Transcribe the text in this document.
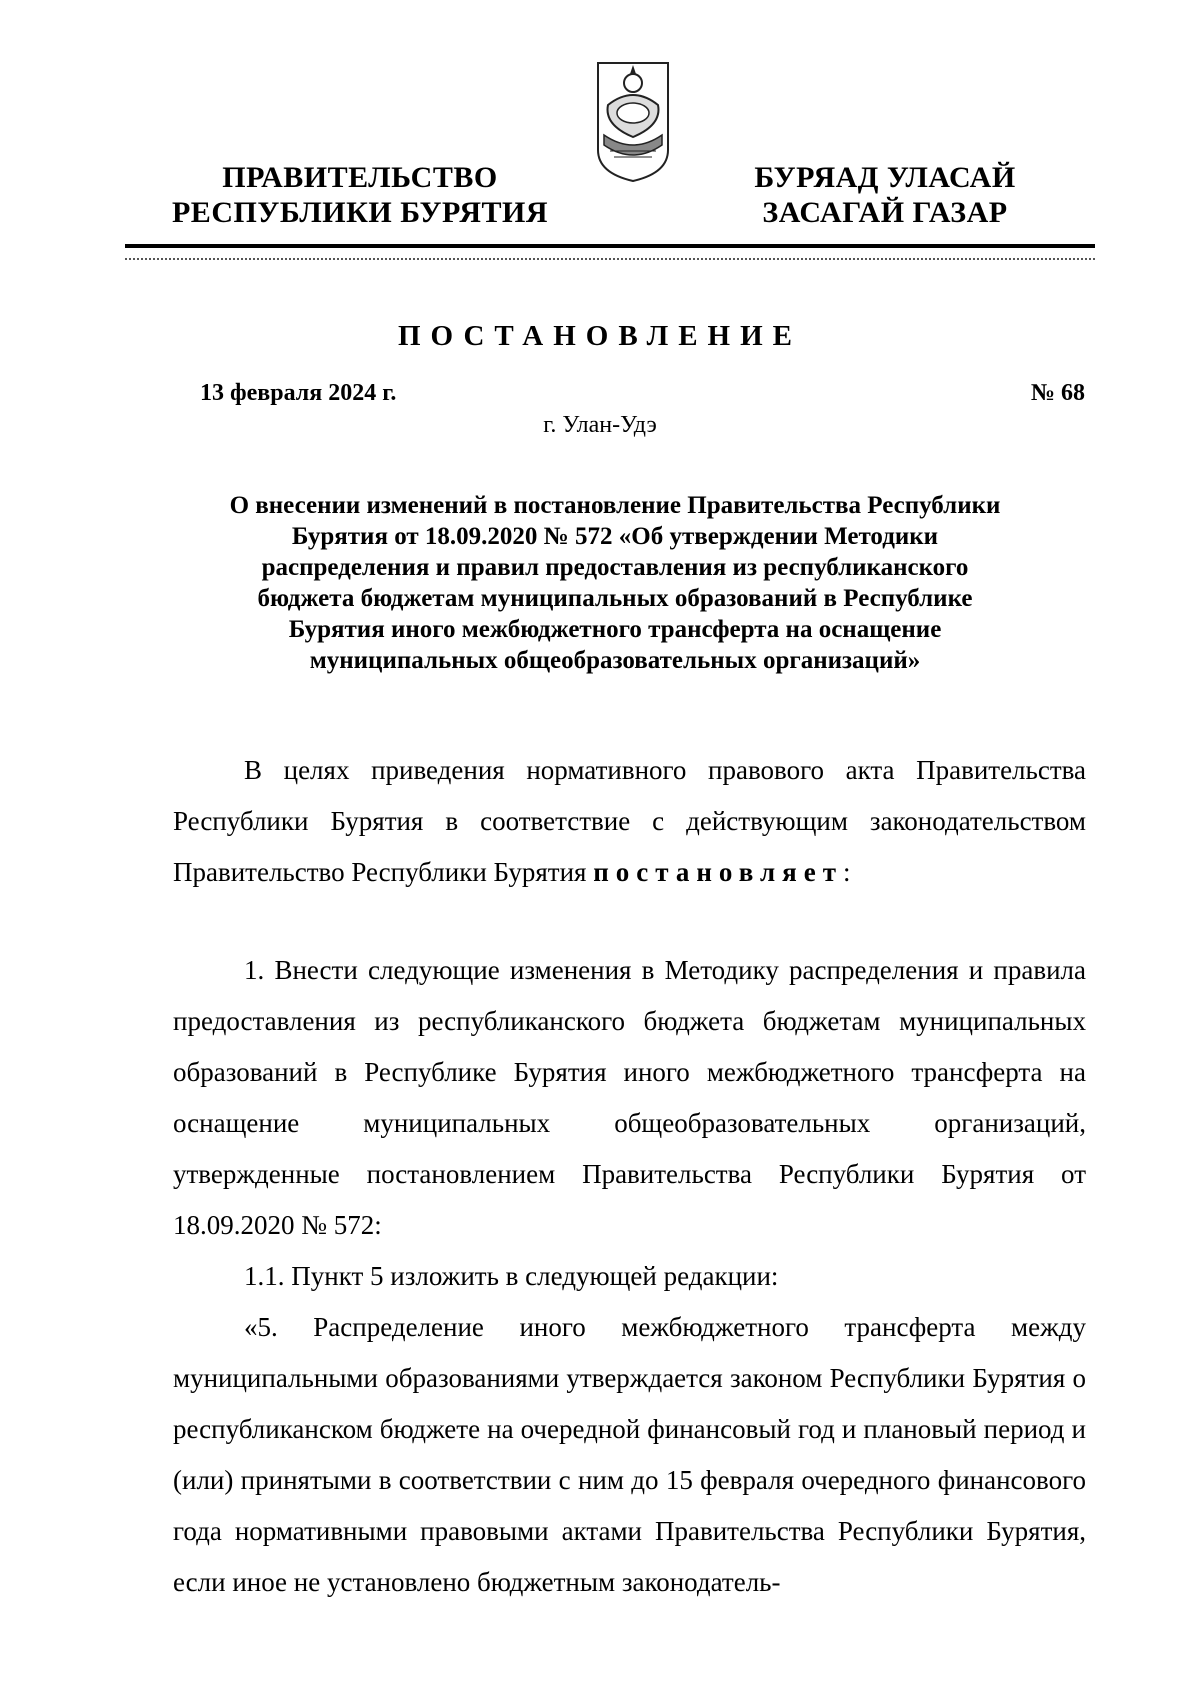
ПРАВИТЕЛЬСТВО
РЕСПУБЛИКИ БУРЯТИЯ
БУРЯАД УЛАСАЙ
ЗАСАГАЙ ГАЗАР
ПОСТАНОВЛЕНИЕ
13 февраля 2024 г.	№ 68
г. Улан-Удэ
О внесении изменений в постановление Правительства Республики
Бурятия от 18.09.2020 № 572 «Об утверждении Методики
распределения и правил предоставления из республиканского
бюджета бюджетам муниципальных образований в Республике
Бурятия иного межбюджетного трансферта на оснащение
муниципальных общеобразовательных организаций»

В целях приведения нормативного правового акта Правительства Республики Бурятия в соответствие с действующим законодательством Правительство Республики Бурятия постановляет:

1. Внести следующие изменения в Методику распределения и правила предоставления из республиканского бюджета бюджетам муниципальных образований в Республике Бурятия иного межбюджетного трансферта на оснащение муниципальных общеобразовательных организаций, утвержденные постановлением Правительства Республики Бурятия от 18.09.2020 № 572:

1.1. Пункт 5 изложить в следующей редакции:

«5. Распределение иного межбюджетного трансферта между муниципальными образованиями утверждается законом Республики Бурятия о республиканском бюджете на очередной финансовый год и плановый период и (или) принятыми в соответствии с ним до 15 февраля очередного финансового года нормативными правовыми актами Правительства Республики Бурятия, если иное не установлено бюджетным законодатель-
